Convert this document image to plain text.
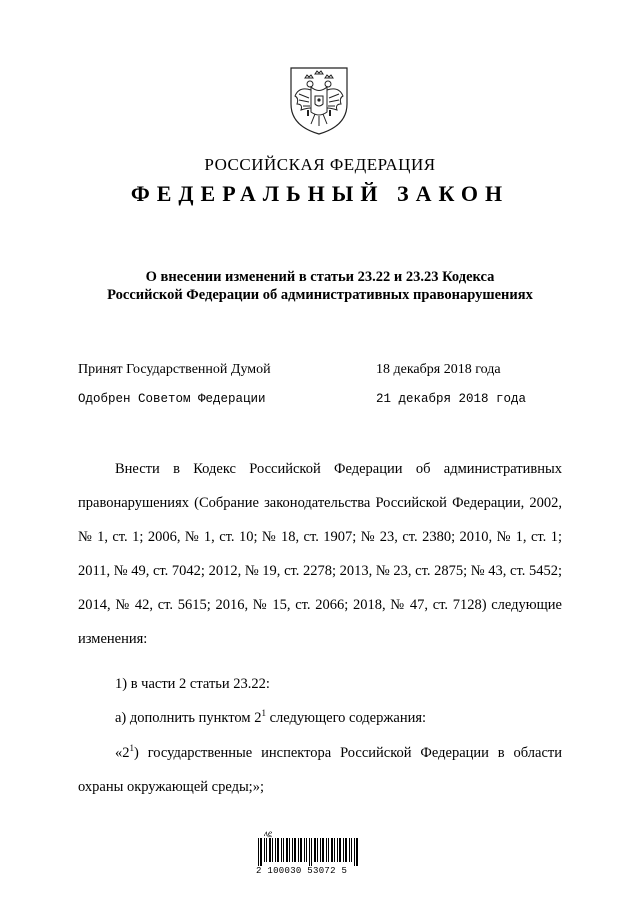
РОССИЙСКАЯ ФЕДЕРАЦИЯ
ФЕДЕРАЛЬНЫЙ ЗАКОН
О внесении изменений в статьи 23.22 и 23.23 Кодекса
Российской Федерации об административных правонарушениях
Принят Государственной Думой	18 декабря 2018 года
Одобрен Советом Федерации	21 декабря 2018 года
Внести в Кодекс Российской Федерации об административных правонарушениях (Собрание законодательства Российской Федерации, 2002, № 1, ст. 1; 2006, № 1, ст. 10; № 18, ст. 1907; № 23, ст. 2380; 2010, № 1, ст. 1; 2011, № 49, ст. 7042; 2012, № 19, ст. 2278; 2013, № 23, ст. 2875; № 43, ст. 5452; 2014, № 42, ст. 5615; 2016, № 15, ст. 2066; 2018, № 47, ст. 7128) следующие изменения:
1) в части 2 статьи 23.22:
а) дополнить пунктом $2^1$ следующего содержания:
«$2^1$) государственные инспектора Российской Федерации в области охраны окружающей среды;»;
ʌe̲
2 100030 53072 5
